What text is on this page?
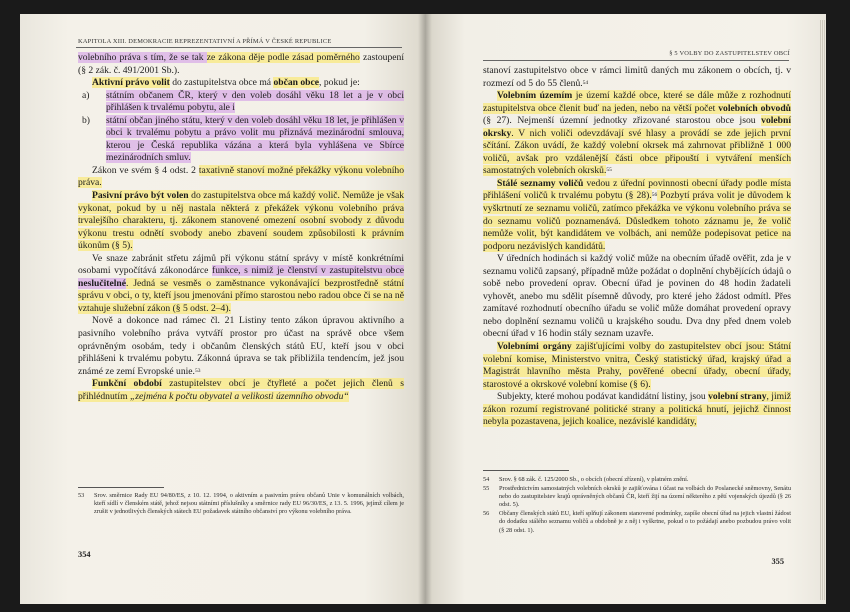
KAPITOLA XIII. DEMOKRACIE REPREZENTATIVNÍ A PŘÍMÁ V ČESKÉ REPUBLICE

volebního práva s tím, že se tak ze zákona děje podle zásad poměrného zastoupení (§ 2 zák. č. 491/2001 Sb.).

Aktivní právo volit do zastupitelstva obce má občan obce, pokud je:

a) státním občanem ČR, který v den voleb dosáhl věku 18 let a je v obci přihlášen k trvalému pobytu, ale i
b) státní občan jiného státu, který v den voleb dosáhl věku 18 let, je přihlášen v obci k trvalému pobytu a právo volit mu přiznává mezinárodní smlouva, kterou je Česká republika vázána a která byla vyhlášena ve Sbírce mezinárodních smluv.

Zákon ve svém § 4 odst. 2 taxativně stanoví možné překážky výkonu volebního práva.

Pasivní právo být volen do zastupitelstva obce má každý volič. Nemůže je však vykonat, pokud by u něj nastala některá z překážek výkonu volebního práva trvalejšího charakteru, tj. zákonem stanovené omezení osobní svobody z důvodu výkonu trestu odnětí svobody anebo zbavení soudem způsobilosti k právním úkonům (§ 5).

Ve snaze zabránit střetu zájmů při výkonu státní správy v místě konkrétními osobami vypočítává zákonodárce funkce, s nimiž je členství v zastupitelstvu obce neslučitelné. Jedná se vesměs o zaměstnance vykonávající bezprostředně státní správu v obci, o ty, kteří jsou jmenováni přímo starostou nebo radou obce či se na ně vztahuje služební zákon (§ 5 odst. 2–4).

Nově a dokonce nad rámec čl. 21 Listiny tento zákon úpravou aktivního a pasivního volebního práva vytváří prostor pro účast na správě obce všem oprávněným osobám, tedy i občanům členských států EU, kteří jsou v obci přihlášeni k trvalému pobytu. Zákonná úprava se tak přibližila tendencím, jež jsou známé ze zemí Evropské unie.$^{53}$

Funkční období zastupitelstev obcí je čtyřleté a počet jejich členů s přihlédnutím „zejména k počtu obyvatel a velikosti územního obvodu“

53 Srov. směrnice Rady EU 94/80/ES, z 10. 12. 1994, o aktivním a pasivním právu občanů Unie v komunálních volbách, kteří sídlí v členském státě, jehož nejsou státními příslušníky a směrnice rady EU 96/30/ES, z 13. 5. 1996, jejímž cílem je zrušit v jednotlivých členských státech EU požadavek státního občanství pro výkonu volebního práva.
354
§ 5 VOLBY DO ZASTUPITELSTEV OBCÍ

stanoví zastupitelstvo obce v rámci limitů daných mu zákonem o obcích, tj. v rozmezí od 5 do 55 členů.$^{54}$

Volebním územím je území každé obce, které se dále může z rozhodnutí zastupitelstva obce členit buď na jeden, nebo na větší počet volebních obvodů (§ 27). Nejmenší územní jednotky zřizované starostou obce jsou volební okrsky. V nich voliči odevzdávají své hlasy a provádí se zde jejich první sčítání. Zákon uvádí, že každý volební okrsek má zahrnovat přibližně 1 000 voličů, avšak pro vzdálenější části obce připouští i vytváření menších samostatných volebních okrsků.$^{55}$

Stálé seznamy voličů vedou z úřední povinnosti obecní úřady podle místa přihlášení voličů k trvalému pobytu (§ 28).$^{56}$ Pozbytí práva volit je důvodem k vyškrtnutí ze seznamu voličů, zatímco překážka ve výkonu volebního práva se do seznamu voličů poznamenává. Důsledkem tohoto záznamu je, že volič nemůže volit, být kandidátem ve volbách, ani nemůže podepisovat petice na podporu nezávislých kandidátů.

V úředních hodinách si každý volič může na obecním úřadě ověřit, zda je v seznamu voličů zapsaný, případně může požádat o doplnění chybějících údajů o sobě nebo provedení oprav. Obecní úřad je povinen do 48 hodin žadateli vyhovět, anebo mu sdělit písemně důvody, pro které jeho žádost odmítl. Přes zamítavé rozhodnutí obecního úřadu se volič může domáhat provedení opravy nebo doplnění seznamu voličů u krajského soudu. Dva dny před dnem voleb obecní úřad v 16 hodin stály seznam uzavře.

Volebními orgány zajišťujícími volby do zastupitelstev obcí jsou: Státní volební komise, Ministerstvo vnitra, Český statistický úřad, krajský úřad a Magistrát hlavního města Prahy, pověřené obecní úřady, obecní úřady, starostové a okrskové volební komise (§ 6).

Subjekty, které mohou podávat kandidátní listiny, jsou volební strany, jimiž zákon rozumí registrované politické strany a politická hnutí, jejichž činnost nebyla pozastavena, jejich koalice, nezávislé kandidáty,

54 Srov. § 68 zák. č. 125/2000 Sb., o obcích (obecní zřízení), v platném znění.
55 Prostřednictvím samostatných volebních okrsků je zajišťována i účast na volbách do Poslanecké sněmovny, Senátu nebo do zastupitelstev krajů oprávněných občanů ČR, kteří žijí na území některého z pětí vojenských újezdů (§ 26 odst. 5).
56 Občany členských států EU, kteří splňují zákonem stanovené podmínky, zapíše obecní úřad na jejich vlastní žádost do dodatku stálého seznamu voličů a obdobně je z něj i vyškrtne, pokud o to požádají anebo pozbudou právo volit (§ 28 odst. 1).
355
